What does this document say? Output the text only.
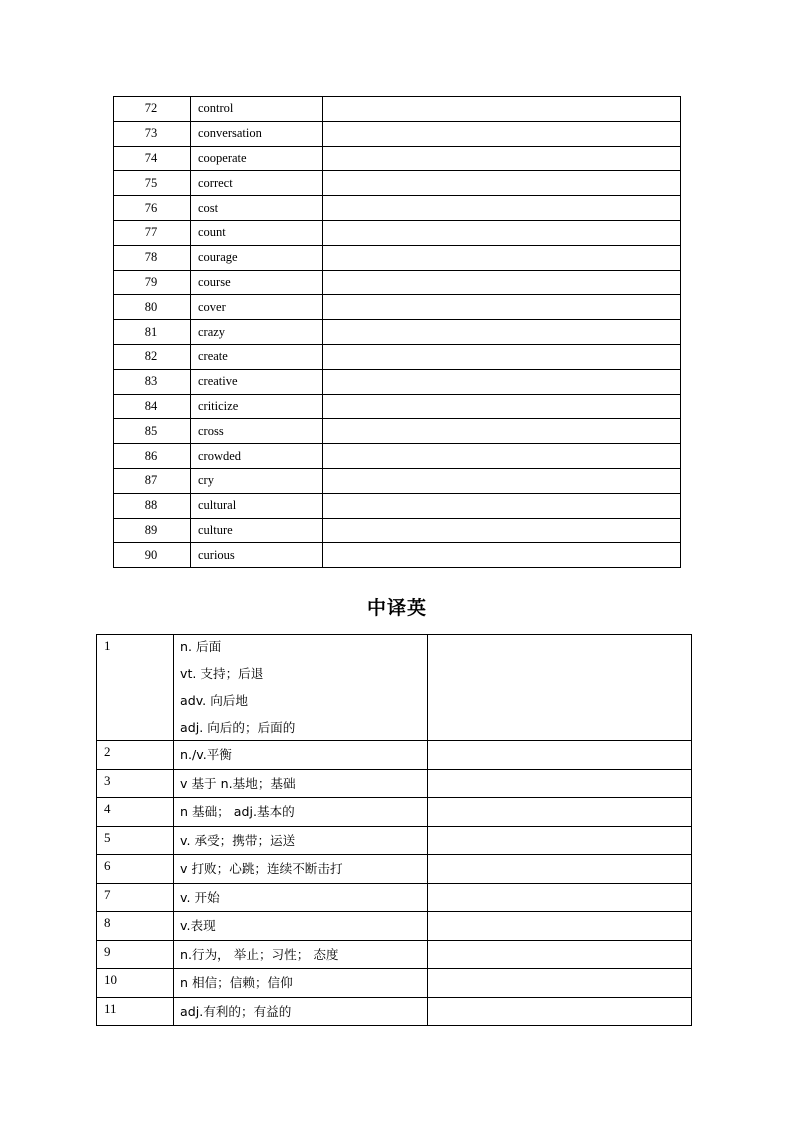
72	control	
73	conversation	
74	cooperate	
75	correct	
76	cost	
77	count	
78	courage	
79	course	
80	cover	
81	crazy	
82	create	
83	creative	
84	criticize	
85	cross	
86	crowded	
87	cry	
88	cultural	
89	culture	
90	curious	
中译英
1	n. 后面
vt. 支持；后退
adv. 向后地
adj. 向后的；后面的	

2	n./v.平衡	

3	v 基于 n.基地；基础	

4	n 基础； adj.基本的	

5	v. 承受；携带；运送	

6	v 打败；心跳；连续不断击打	

7	v. 开始	

8	v.表现	

9	n.行为， 举止；习性； 态度	

10	n 相信；信赖；信仰	

11	adj.有利的；有益的	
